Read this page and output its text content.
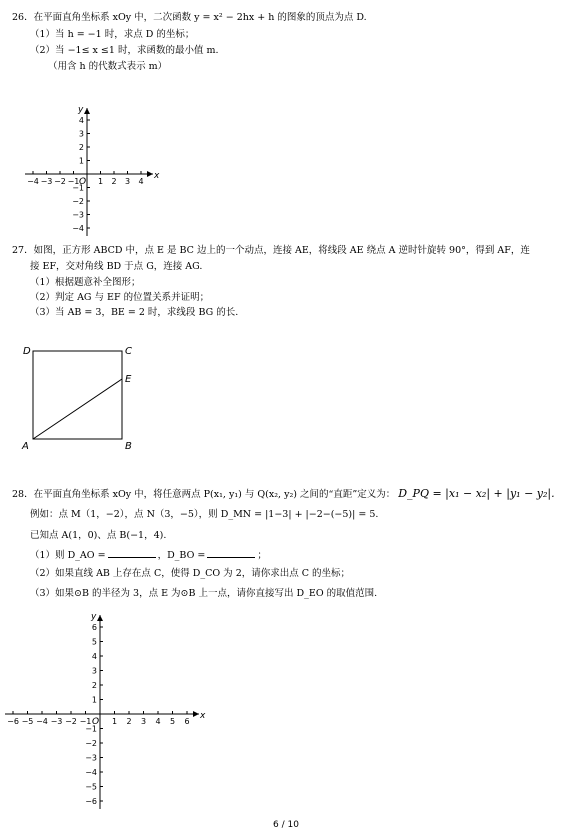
26．在平面直角坐标系 xOy 中，二次函数 y = x² − 2hx + h 的图象的顶点为点 D.
（1）当 h = −1 时，求点 D 的坐标；
（2）当 −1≤ x ≤1 时，求函数的最小值 m.
（用含 h 的代数式表示 m）
x
y
O
−4 −3 −2 −1 1 2 3 4
4
3
2
1
−1
−2
−3
−4
27．如图，正方形 ABCD 中，点 E 是 BC 边上的一个动点，连接 AE，将线段 AE 绕点 A 逆时针旋转 90°，得到 AF，连
接 EF，交对角线 BD 于点 G，连接 AG.
（1）根据题意补全图形；
（2）判定 AG 与 EF 的位置关系并证明；
（3）当 AB = 3，BE = 2 时，求线段 BG 的长.
D	C
E
A	B
28．在平面直角坐标系 xOy 中，将任意两点 P(x₁, y₁) 与 Q(x₂, y₂) 之间的“直距”定义为： D_PQ = |x₁ − x₂| + |y₁ − y₂|.
例如：点 M（1，−2），点 N（3，−5），则 D_MN = |1−3| + |−2−(−5)| = 5.
已知点 A(1，0)、点 B(−1，4).
（1）则 D_AO =	，D_BO =	；
（2）如果直线 AB 上存在点 C，使得 D_CO 为 2，请你求出点 C 的坐标；
（3）如果⊙B 的半径为 3，点 E 为⊙B 上一点，请你直接写出 D_EO 的取值范围.
x
y
O
−6 −5 −4 −3 −2 −1	1 2 3 4 5 6
6
5
4
3
2
1
−1
−2
−3
−4
−5
−6
6 / 10
